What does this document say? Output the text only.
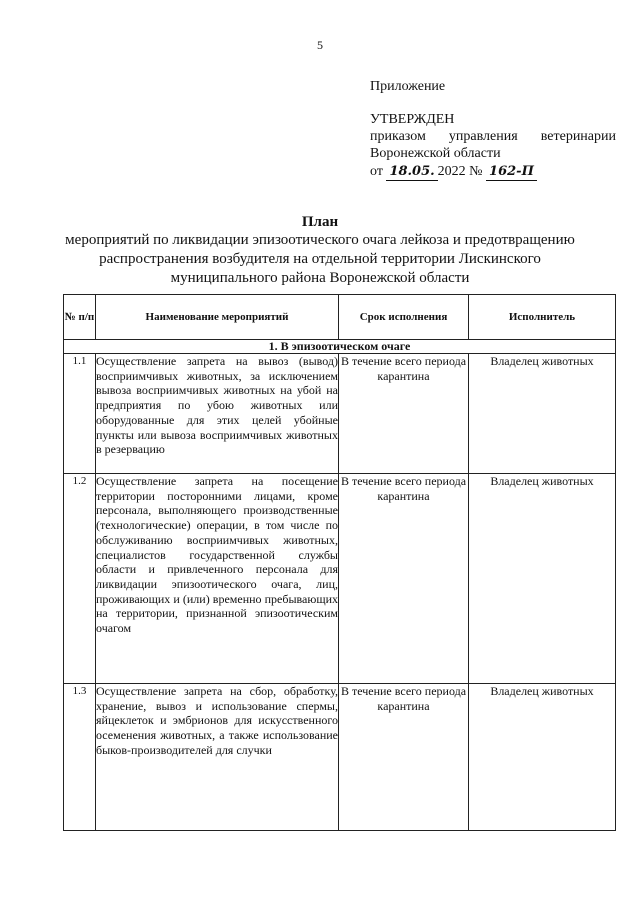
5
Приложение
УТВЕРЖДЕН
приказом управления ветеринарии Воронежской области
от 18.05. 2022 № 162-П
План
мероприятий по ликвидации эпизоотического очага лейкоза и предотвращению распространения возбудителя на отдельной территории Лискинского муниципального района Воронежской области
№ п/п	Наименование мероприятий	Срок исполнения	Исполнитель
1. В эпизоотическом очаге			
1.1	Осуществление запрета на вывоз (вывод) восприимчивых животных, за исключением вывоза восприимчивых животных на убой на предприятия по убою животных или оборудованные для этих целей убойные пункты или вывоза восприимчивых животных в резервацию	В течение всего периода карантина	Владелец животных
1.2	Осуществление запрета на посещение территории посторонними лицами, кроме персонала, выполняющего производственные (технологические) операции, в том числе по обслуживанию восприимчивых животных, специалистов государственной службы области и привлеченного персонала для ликвидации эпизоотического очага, лиц, проживающих и (или) временно пребывающих на территории, признанной эпизоотическим очагом	В течение всего периода карантина	Владелец животных
1.3	Осуществление запрета на сбор, обработку, хранение, вывоз и использование спермы, яйцеклеток и эмбрионов для искусственного осеменения животных, а также использование быков-производителей для случки	В течение всего периода карантина	Владелец животных
